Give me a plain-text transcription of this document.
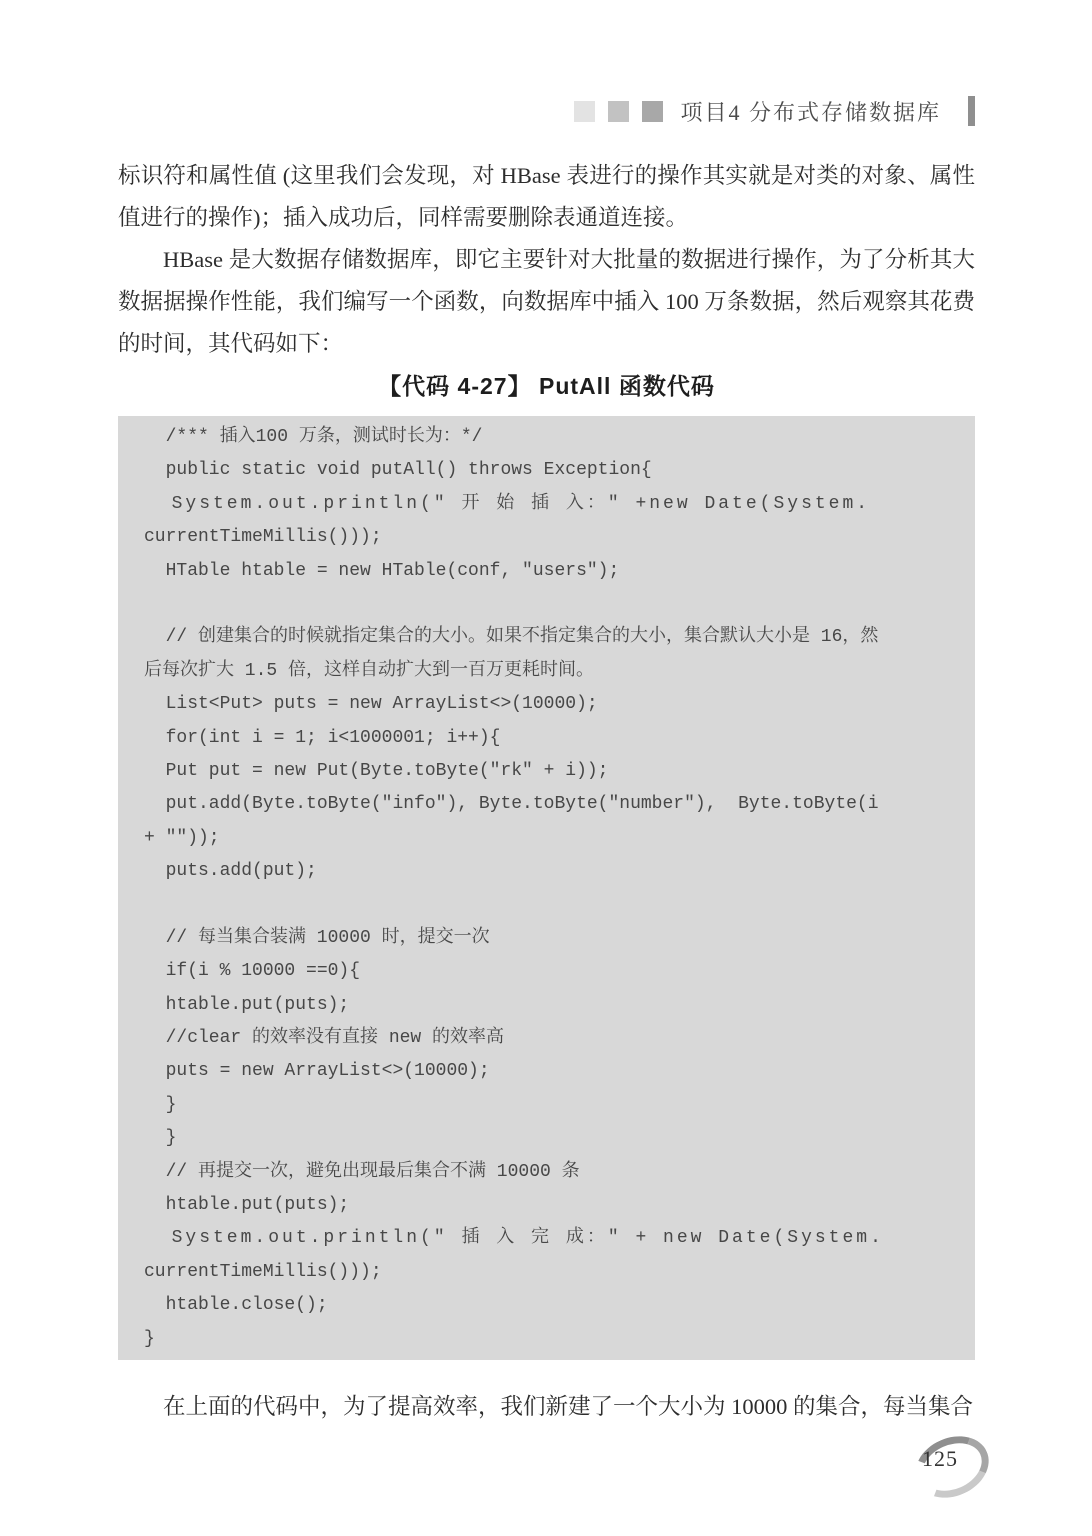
项目4 分布式存储数据库

标识符和属性值 (这里我们会发现，对 HBase 表进行的操作其实就是对类的对象、属性值进行的操作)；插入成功后，同样需要删除表通道连接。

HBase 是大数据存储数据库，即它主要针对大批量的数据进行操作，为了分析其大数据据操作性能，我们编写一个函数，向数据库中插入 100 万条数据，然后观察其花费的时间，其代码如下：

【代码 4-27】 PutAll 函数代码
/*** 插入100 万条，测试时长为：*/
public static void putAll() throws Exception{
System.out.println(" 开 始 插 入：" +new Date(System.
currentTimeMillis()));
HTable htable = new HTable(conf, "users");

// 创建集合的时候就指定集合的大小。如果不指定集合的大小，集合默认大小是 16，然
后每次扩大 1.5 倍，这样自动扩大到一百万更耗时间。
List<Put> puts = new ArrayList<>(10000);
for(int i = 1; i<1000001; i++){
Put put = new Put(Byte.toByte("rk" + i));
put.add(Byte.toByte("info"), Byte.toByte("number"),  Byte.toByte(i
+ ""));
puts.add(put);

// 每当集合装满 10000 时，提交一次
if(i % 10000 ==0){
htable.put(puts);
//clear 的效率没有直接 new 的效率高
puts = new ArrayList<>(10000);
}
}
// 再提交一次，避免出现最后集合不满 10000 条
htable.put(puts);
System.out.println(" 插 入 完 成：" + new Date(System.
currentTimeMillis()));
htable.close();
}

在上面的代码中，为了提高效率，我们新建了一个大小为 10000 的集合，每当集合

125
